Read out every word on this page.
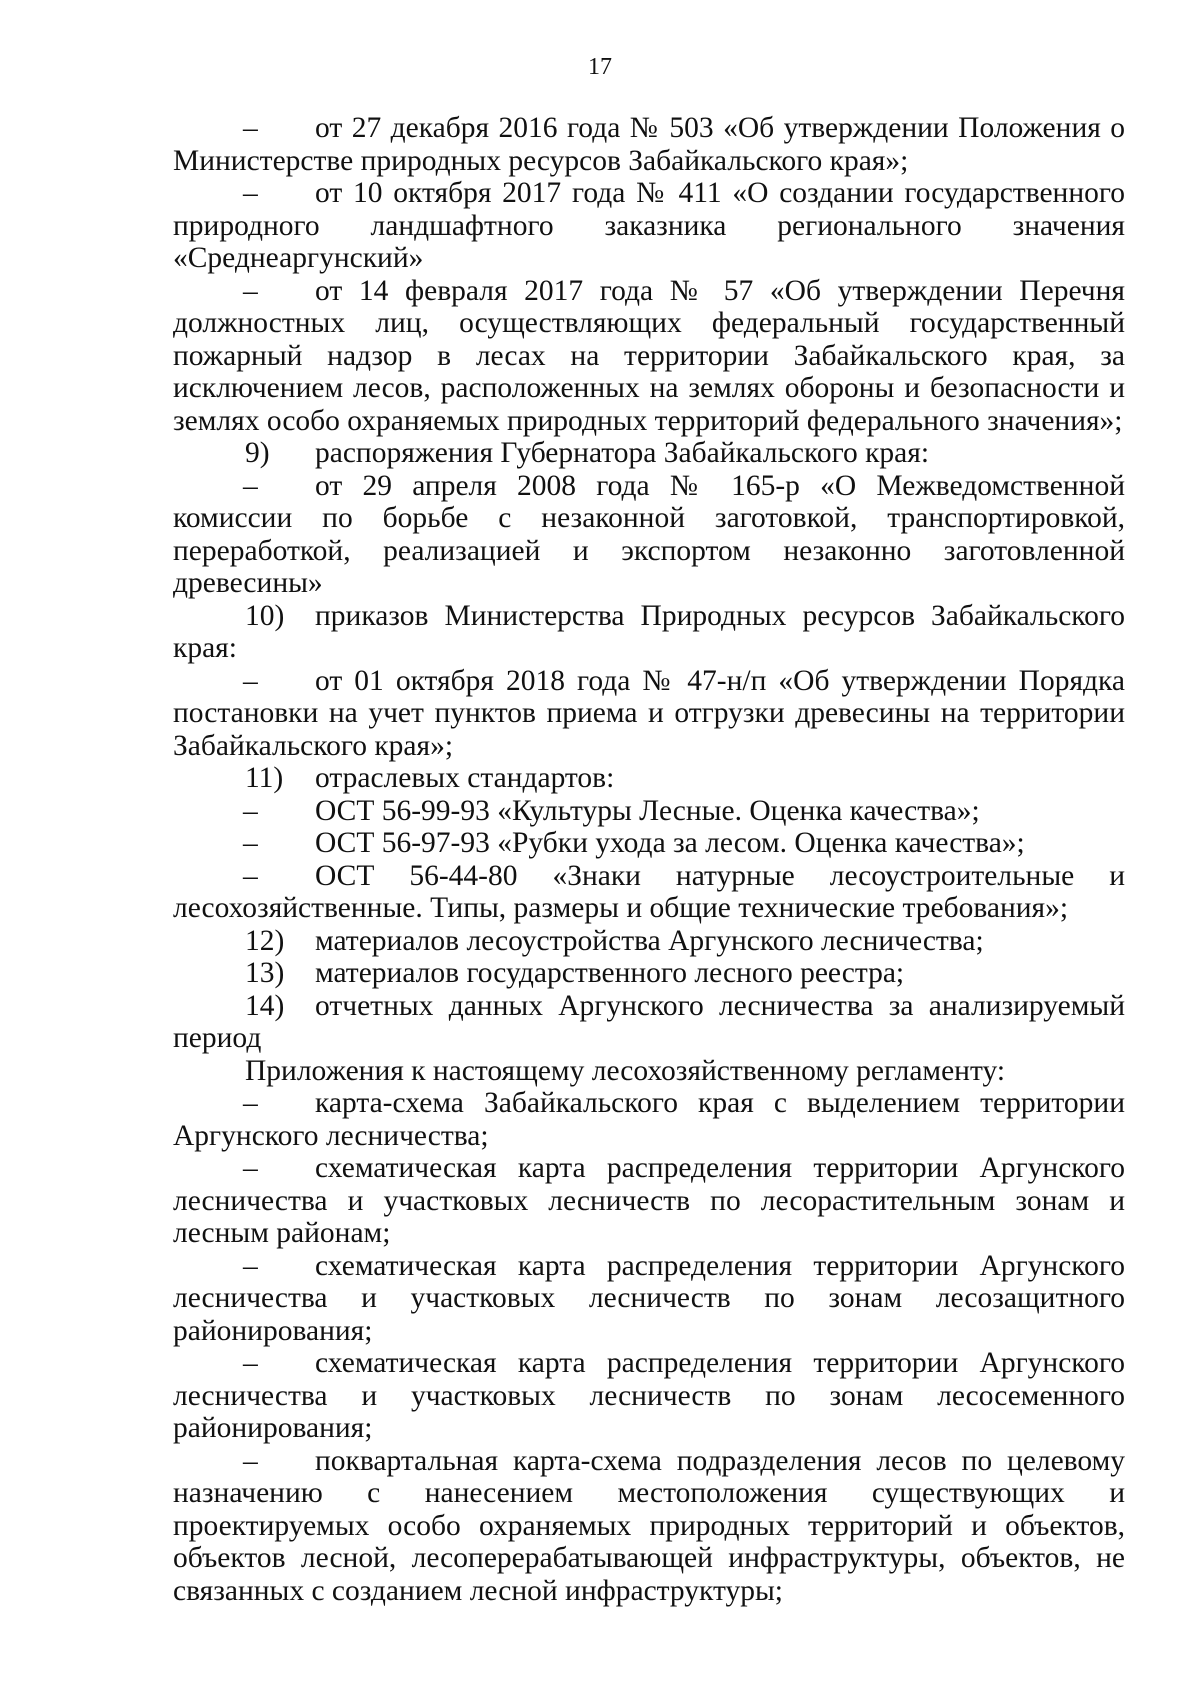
17

– от 27 декабря 2016 года № 503 «Об утверждении Положения о Министерстве природных ресурсов Забайкальского края»;

– от 10 октября 2017 года № 411 «О создании государственного природного ландшафтного заказника регионального значения «Среднеаргунский»

– от 14 февраля 2017 года № 57 «Об утверждении Перечня должностных лиц, осуществляющих федеральный государственный пожарный надзор в лесах на территории Забайкальского края, за исключением лесов, расположенных на землях обороны и безопасности и землях особо охраняемых природных территорий федерального значения»;

9) распоряжения Губернатора Забайкальского края:

– от 29 апреля 2008 года № 165-р «О Межведомственной комиссии по борьбе с незаконной заготовкой, транспортировкой, переработкой, реализацией и экспортом незаконно заготовленной древесины»

10) приказов Министерства Природных ресурсов Забайкальского края:

– от 01 октября 2018 года № 47-н/п «Об утверждении Порядка постановки на учет пунктов приема и отгрузки древесины на территории Забайкальского края»;

11) отраслевых стандартов:

– ОСТ 56-99-93 «Культуры Лесные. Оценка качества»;

– ОСТ 56-97-93 «Рубки ухода за лесом. Оценка качества»;

– ОСТ 56-44-80 «Знаки натурные лесоустроительные и лесохозяйственные. Типы, размеры и общие технические требования»;

12) материалов лесоустройства Аргунского лесничества;

13) материалов государственного лесного реестра;

14) отчетных данных Аргунского лесничества за анализируемый период

Приложения к настоящему лесохозяйственному регламенту:

– карта-схема Забайкальского края с выделением территории Аргунского лесничества;

– схематическая карта распределения территории Аргунского лесничества и участковых лесничеств по лесорастительным зонам и лесным районам;

– схематическая карта распределения территории Аргунского лесничества и участковых лесничеств по зонам лесозащитного районирования;

– схематическая карта распределения территории Аргунского лесничества и участковых лесничеств по зонам лесосеменного районирования;

– поквартальная карта-схема подразделения лесов по целевому назначению с нанесением местоположения существующих и проектируемых особо охраняемых природных территорий и объектов, объектов лесной, лесоперерабатывающей инфраструктуры, объектов, не связанных с созданием лесной инфраструктуры;
